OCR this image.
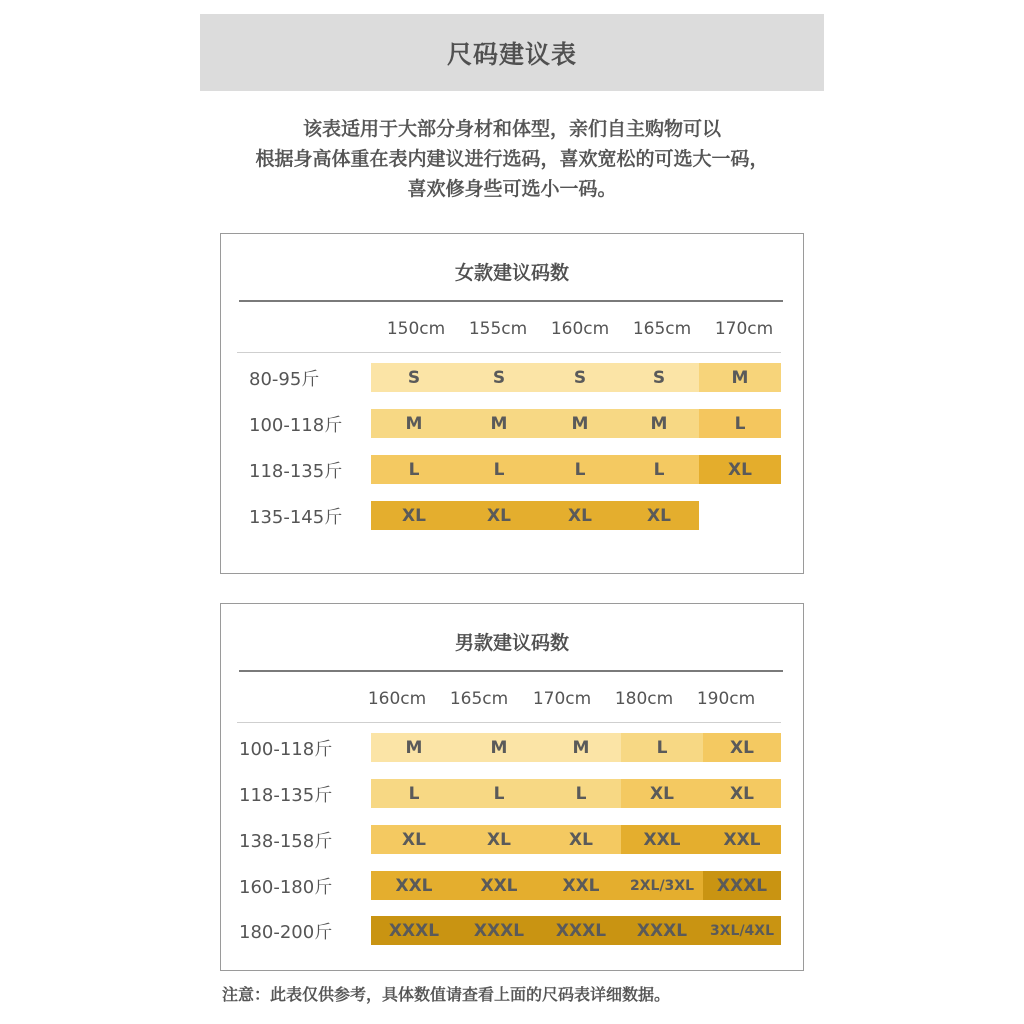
尺码建议表
该表适用于大部分身材和体型，亲们自主购物可以
根据身高体重在表内建议进行选码，喜欢宽松的可选大一码，
喜欢修身些可选小一码。
女款建议码数
150cm	155cm	160cm	165cm	170cm
80-95斤	S	S	S	S	M
100-118斤	M	M	M	M	L
118-135斤	L	L	L	L	XL
135-145斤	XL	XL	XL	XL
男款建议码数
160cm	165cm	170cm	180cm	190cm
100-118斤	M	M	M	L	XL
118-135斤	L	L	L	XL	XL
138-158斤	XL	XL	XL	XXL	XXL
160-180斤	XXL	XXL	XXL	2XL/3XL	XXXL
180-200斤	XXXL	XXXL	XXXL	XXXL	3XL/4XL
注意：此表仅供参考，具体数值请查看上面的尺码表详细数据。
